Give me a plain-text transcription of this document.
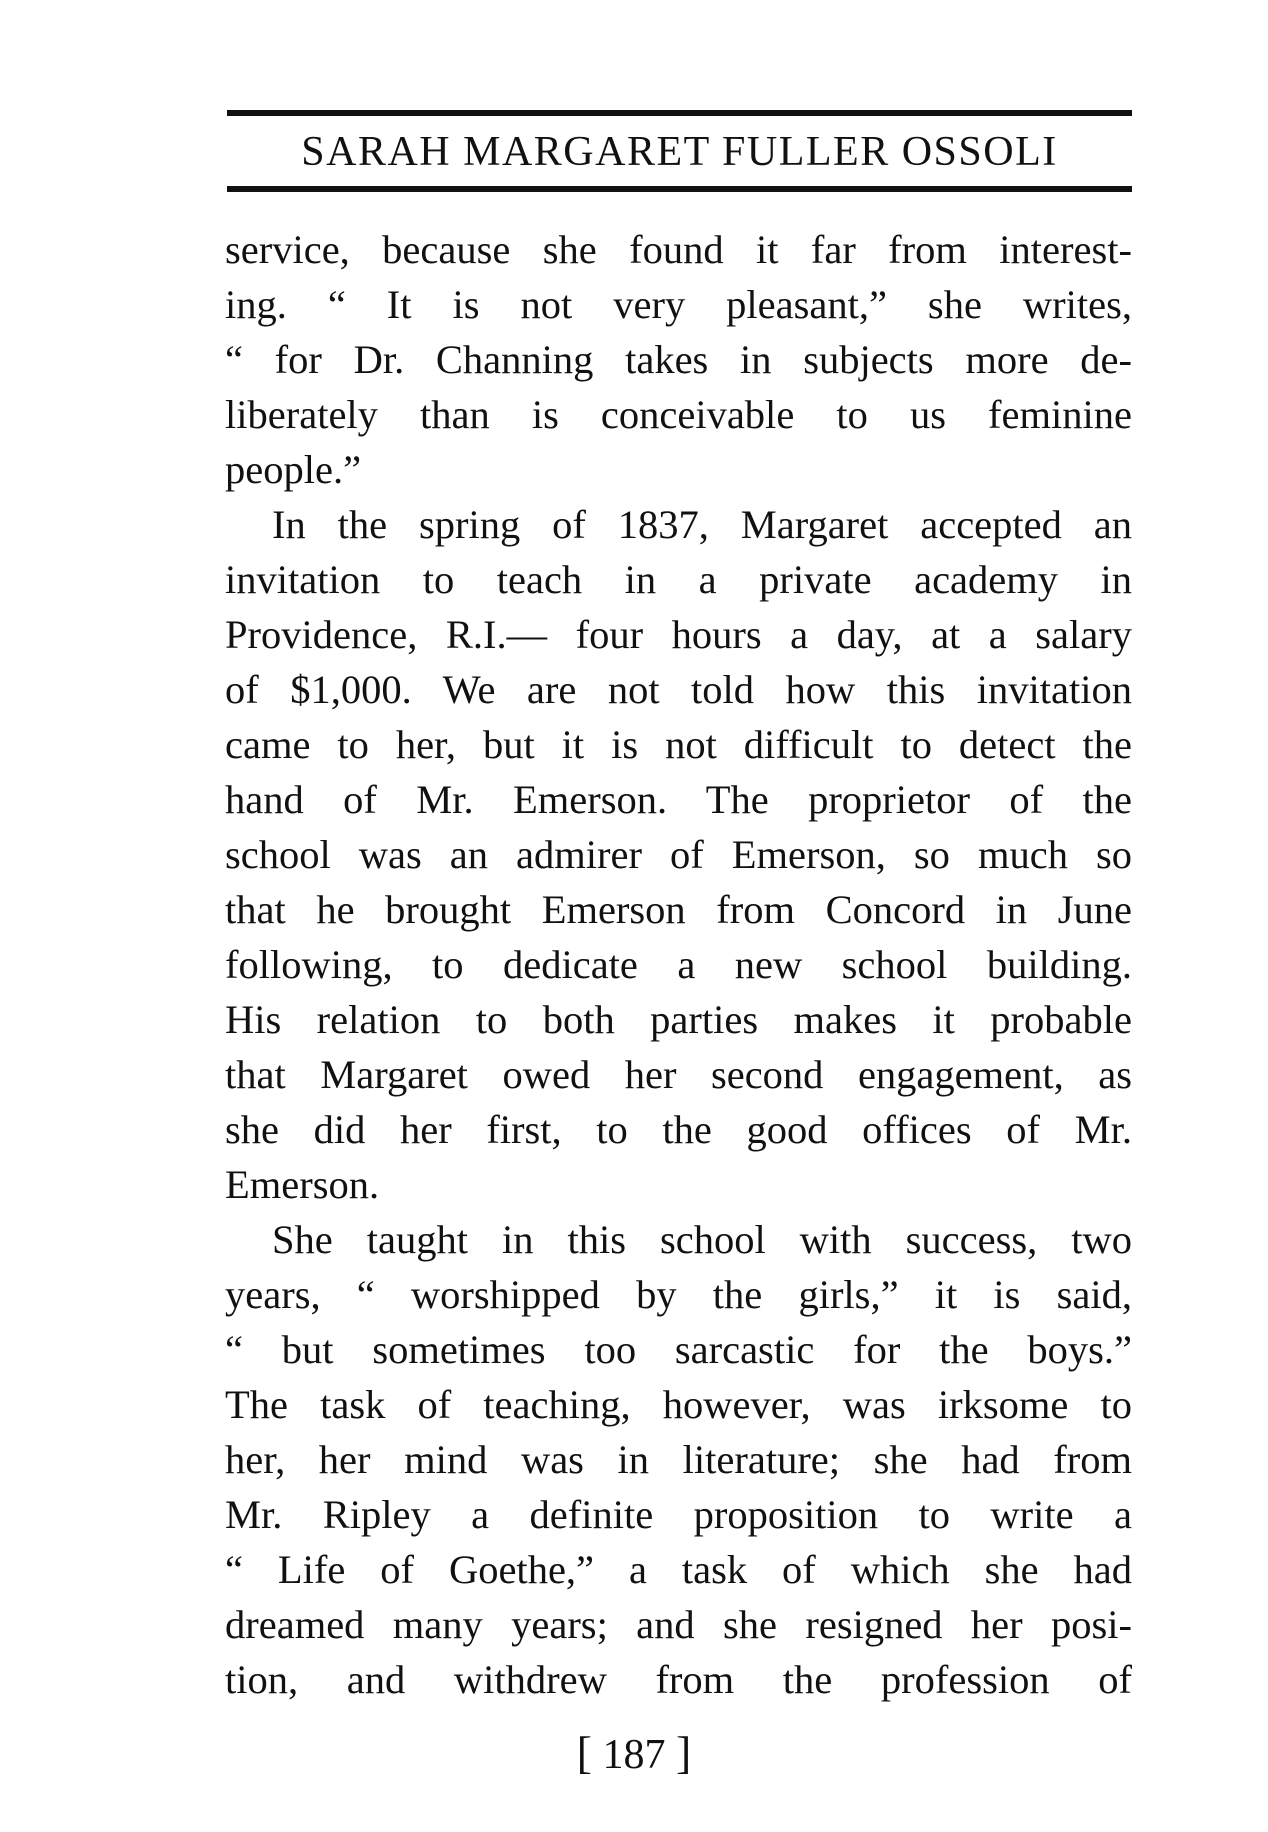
SARAH MARGARET FULLER OSSOLI
service, because she found it far from interest-
ing. “ It is not very pleasant,” she writes,
“ for Dr. Channing takes in subjects more de-
liberately than is conceivable to us feminine
people.”
In the spring of 1837, Margaret accepted an
invitation to teach in a private academy in
Providence, R.I.— four hours a day, at a salary
of $1,000. We are not told how this invitation
came to her, but it is not difficult to detect the
hand of Mr. Emerson. The proprietor of the
school was an admirer of Emerson, so much so
that he brought Emerson from Concord in June
following, to dedicate a new school building.
His relation to both parties makes it probable
that Margaret owed her second engagement, as
she did her first, to the good offices of Mr.
Emerson.
She taught in this school with success, two
years, “ worshipped by the girls,” it is said,
“ but sometimes too sarcastic for the boys.”
The task of teaching, however, was irksome to
her, her mind was in literature; she had from
Mr. Ripley a definite proposition to write a
“ Life of Goethe,” a task of which she had
dreamed many years; and she resigned her posi-
tion, and withdrew from the profession of
[ 187 ]
